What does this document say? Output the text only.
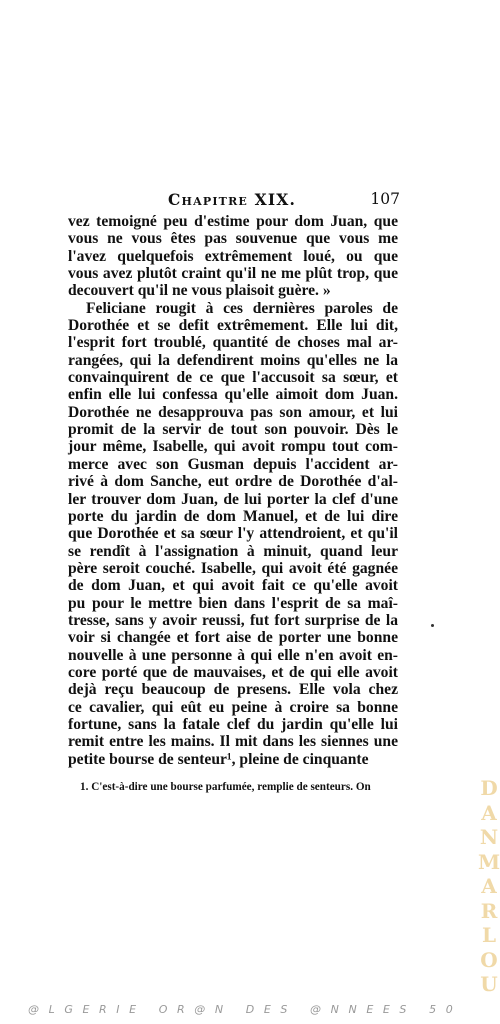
Chapitre XIX.	107
vez temoigné peu d'estime pour dom Juan, que
vous ne vous êtes pas souvenue que vous me
l'avez quelquefois extrêmement loué, ou que
vous avez plutôt craint qu'il ne me plût trop, que
decouvert qu'il ne vous plaisoit guère. »
Feliciane rougit à ces dernières paroles de
Dorothée et se defit extrêmement. Elle lui dit,
l'esprit fort troublé, quantité de choses mal ar-
rangées, qui la defendirent moins qu'elles ne la
convainquirent de ce que l'accusoit sa sœur, et
enfin elle lui confessa qu'elle aimoit dom Juan.
Dorothée ne desapprouva pas son amour, et lui
promit de la servir de tout son pouvoir. Dès le
jour même, Isabelle, qui avoit rompu tout com-
merce avec son Gusman depuis l'accident ar-
rivé à dom Sanche, eut ordre de Dorothée d'al-
ler trouver dom Juan, de lui porter la clef d'une
porte du jardin de dom Manuel, et de lui dire
que Dorothée et sa sœur l'y attendroient, et qu'il
se rendît à l'assignation à minuit, quand leur
père seroit couché. Isabelle, qui avoit été gagnée
de dom Juan, et qui avoit fait ce qu'elle avoit
pu pour le mettre bien dans l'esprit de sa maî-
tresse, sans y avoir reussi, fut fort surprise de la
voir si changée et fort aise de porter une bonne
nouvelle à une personne à qui elle n'en avoit en-
core porté que de mauvaises, et de qui elle avoit
dejà reçu beaucoup de presens. Elle vola chez
ce cavalier, qui eût eu peine à croire sa bonne
fortune, sans la fatale clef du jardin qu'elle lui
remit entre les mains. Il mit dans les siennes une
petite bourse de senteur¹, pleine de cinquante
1. C'est-à-dire une bourse parfumée, remplie de senteurs. On	D
A
N
M
A
R
L
O
U
@LGERIE OR@N DES @NNEES 50
